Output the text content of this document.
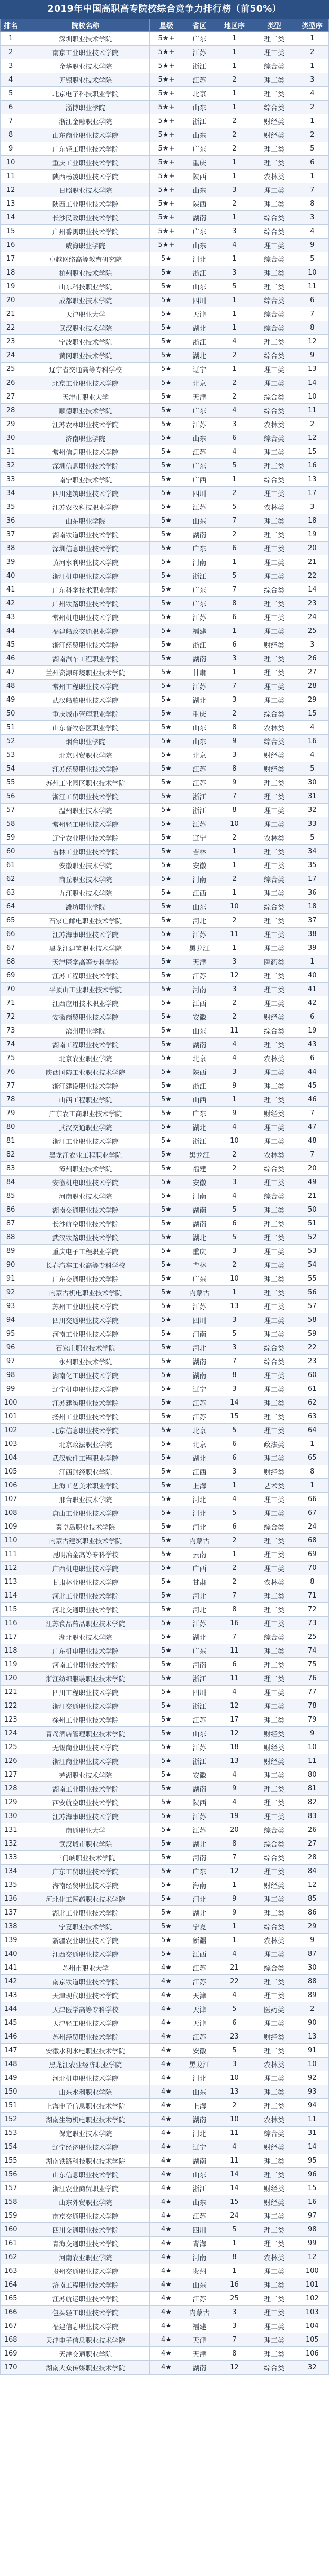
2019年中国高职高专院校综合竞争力排行榜（前50%）
排名	院校名称	星级	省区	地区序	类型	类型序
1	深圳职业技术学院	5★+	广东	1	理工类	1
2	南京工业职业技术学院	5★+	江苏	1	理工类	2
3	金华职业技术学院	5★+	浙江	1	综合类	1
4	无锡职业技术学院	5★+	江苏	2	理工类	3
5	北京电子科技职业学院	5★+	北京	1	理工类	4
6	淄博职业学院	5★+	山东	1	综合类	2
7	浙江金融职业学院	5★+	浙江	2	财经类	1
8	山东商业职业技术学院	5★+	山东	2	财经类	2
9	广东轻工职业技术学院	5★+	广东	2	理工类	5
10	重庆工业职业技术学院	5★+	重庆	1	理工类	6
11	陕西杨凌职业技术学院	5★+	陕西	1	农林类	1
12	日照职业技术学院	5★+	山东	3	理工类	7
13	陕西工业职业技术学院	5★+	陕西	2	理工类	8
14	长沙民政职业技术学院	5★+	湖南	1	综合类	3
15	广州番禺职业技术学院	5★+	广东	3	综合类	4
16	威海职业学院	5★+	山东	4	理工类	9
17	卓越网络高等教育研究院	5★	河北	1	综合类	5
18	杭州职业技术学院	5★	浙江	3	理工类	10
19	山东科技职业学院	5★	山东	5	理工类	11
20	成都职业技术学院	5★	四川	1	综合类	6
21	天津职业大学	5★	天津	1	综合类	7
22	武汉职业技术学院	5★	湖北	1	综合类	8
23	宁波职业技术学院	5★	浙江	4	理工类	12
24	黄冈职业技术学院	5★	湖北	2	综合类	9
25	辽宁省交通高等专科学校	5★	辽宁	1	理工类	13
26	北京工业职业技术学院	5★	北京	2	理工类	14
27	天津市职业大学	5★	天津	2	综合类	10
28	顺德职业技术学院	5★	广东	4	综合类	11
29	江苏农林职业技术学院	5★	江苏	3	农林类	2
30	济南职业学院	5★	山东	6	综合类	12
31	常州信息职业技术学院	5★	江苏	4	理工类	15
32	深圳信息职业技术学院	5★	广东	5	理工类	16
33	南宁职业技术学院	5★	广西	1	综合类	13
34	四川建筑职业技术学院	5★	四川	2	理工类	17
35	江苏农牧科技职业学院	5★	江苏	5	农林类	3
36	山东职业学院	5★	山东	7	理工类	18
37	湖南铁道职业技术学院	5★	湖南	2	理工类	19
38	深圳信息职业技术学院	5★	广东	6	理工类	20
39	黄河水利职业技术学院	5★	河南	1	理工类	21
40	浙江机电职业技术学院	5★	浙江	5	理工类	22
41	广东科学技术职业学院	5★	广东	7	综合类	14
42	广州铁路职业技术学院	5★	广东	8	理工类	23
43	常州机电职业技术学院	5★	江苏	6	理工类	24
44	福建船政交通职业学院	5★	福建	1	理工类	25
45	浙江经贸职业技术学院	5★	浙江	6	财经类	3
46	湖南汽车工程职业学院	5★	湖南	3	理工类	26
47	兰州资源环境职业技术学院	5★	甘肃	1	理工类	27
48	常州工程职业技术学院	5★	江苏	7	理工类	28
49	武汉船舶职业技术学院	5★	湖北	3	理工类	29
50	重庆城市管理职业学院	5★	重庆	2	综合类	15
51	山东畜牧兽医职业学院	5★	山东	8	农林类	4
52	烟台职业学院	5★	山东	9	综合类	16
53	北京财贸职业学院	5★	北京	3	财经类	4
54	江苏经贸职业技术学院	5★	江苏	8	财经类	5
55	苏州工业园区职业技术学院	5★	江苏	9	理工类	30
56	浙江工贸职业技术学院	5★	浙江	7	理工类	31
57	温州职业技术学院	5★	浙江	8	理工类	32
58	常州轻工职业技术学院	5★	江苏	10	理工类	33
59	辽宁农业职业技术学院	5★	辽宁	2	农林类	5
60	吉林工业职业技术学院	5★	吉林	1	理工类	34
61	安徽职业技术学院	5★	安徽	1	理工类	35
62	商丘职业技术学院	5★	河南	2	综合类	17
63	九江职业技术学院	5★	江西	1	理工类	36
64	潍坊职业学院	5★	山东	10	综合类	18
65	石家庄邮电职业技术学院	5★	河北	2	理工类	37
66	江苏海事职业技术学院	5★	江苏	11	理工类	38
67	黑龙江建筑职业技术学院	5★	黑龙江	1	理工类	39
68	天津医学高等专科学校	5★	天津	3	医药类	1
69	江苏工程职业技术学院	5★	江苏	12	理工类	40
70	平顶山工业职业技术学院	5★	河南	3	理工类	41
71	江西应用技术职业学院	5★	江西	2	理工类	42
72	安徽商贸职业技术学院	5★	安徽	2	财经类	6
73	滨州职业学院	5★	山东	11	综合类	19
74	湖南工程职业技术学院	5★	湖南	4	理工类	43
75	北京农业职业学院	5★	北京	4	农林类	6
76	陕西国防工业职业技术学院	5★	陕西	3	理工类	44
77	浙江建设职业技术学院	5★	浙江	9	理工类	45
78	山西工程职业学院	5★	山西	1	理工类	46
79	广东农工商职业技术学院	5★	广东	9	财经类	7
80	武汉交通职业学院	5★	湖北	4	理工类	47
81	浙江工业职业技术学院	5★	浙江	10	理工类	48
82	黑龙江农业工程职业学院	5★	黑龙江	2	农林类	7
83	漳州职业技术学院	5★	福建	2	综合类	20
84	安徽机电职业技术学院	5★	安徽	3	理工类	49
85	河南职业技术学院	5★	河南	4	综合类	21
86	湖南交通职业技术学院	5★	湖南	5	理工类	50
87	长沙航空职业技术学院	5★	湖南	6	理工类	51
88	武汉铁路职业技术学院	5★	湖北	5	理工类	52
89	重庆电子工程职业学院	5★	重庆	3	理工类	53
90	长春汽车工业高等专科学校	5★	吉林	2	理工类	54
91	广东交通职业技术学院	5★	广东	10	理工类	55
92	内蒙古机电职业技术学院	5★	内蒙古	1	理工类	56
93	苏州工业职业技术学院	5★	江苏	13	理工类	57
94	四川交通职业技术学院	5★	四川	3	理工类	58
95	河南工业职业技术学院	5★	河南	5	理工类	59
96	石家庄职业技术学院	5★	河北	3	综合类	22
97	永州职业技术学院	5★	湖南	7	综合类	23
98	湖南化工职业技术学院	5★	湖南	8	理工类	60
99	辽宁机电职业技术学院	5★	辽宁	3	理工类	61
100	江苏建筑职业技术学院	5★	江苏	14	理工类	62
101	扬州工业职业技术学院	5★	江苏	15	理工类	63
102	北京信息职业技术学院	5★	北京	5	理工类	64
103	北京政法职业学院	5★	北京	6	政法类	1
104	武汉软件工程职业学院	5★	湖北	6	理工类	65
105	江西财经职业学院	5★	江西	3	财经类	8
106	上海工艺美术职业学院	5★	上海	1	艺术类	1
107	邢台职业技术学院	5★	河北	4	理工类	66
108	唐山工业职业技术学院	5★	河北	5	理工类	67
109	秦皇岛职业技术学院	5★	河北	6	综合类	24
110	内蒙古建筑职业技术学院	5★	内蒙古	2	理工类	68
111	昆明冶金高等专科学校	5★	云南	1	理工类	69
112	广西机电职业技术学院	5★	广西	2	理工类	70
113	甘肃林业职业技术学院	5★	甘肃	2	农林类	8
114	河北工业职业技术学院	5★	河北	7	理工类	71
115	河北交通职业技术学院	5★	河北	8	理工类	72
116	江苏食品药品职业技术学院	5★	江苏	16	理工类	73
117	湖北职业技术学院	5★	湖北	7	综合类	25
118	广东机电职业技术学院	5★	广东	11	理工类	74
119	河南工业职业技术学院	5★	河南	6	理工类	75
120	浙江纺织服装职业技术学院	5★	浙江	11	理工类	76
121	四川工程职业技术学院	5★	四川	4	理工类	77
122	浙江交通职业技术学院	5★	浙江	12	理工类	78
123	徐州工业职业技术学院	5★	江苏	17	理工类	79
124	青岛酒店管理职业技术学院	5★	山东	12	财经类	9
125	无锡商业职业技术学院	5★	江苏	18	财经类	10
126	浙江商业职业技术学院	5★	浙江	13	财经类	11
127	芜湖职业技术学院	5★	安徽	4	理工类	80
128	湖南工业职业技术学院	5★	湖南	9	理工类	81
129	西安航空职业技术学院	5★	陕西	4	理工类	82
130	江苏海事职业技术学院	5★	江苏	19	理工类	83
131	南通职业大学	5★	江苏	20	综合类	26
132	武汉城市职业学院	5★	湖北	8	综合类	27
133	三门峡职业技术学院	5★	河南	7	综合类	28
134	广东工贸职业技术学院	5★	广东	12	理工类	84
135	海南经贸职业技术学院	5★	海南	1	财经类	12
136	河北化工医药职业技术学院	5★	河北	9	理工类	85
137	湖北工业职业技术学院	5★	湖北	9	理工类	86
138	宁夏职业技术学院	5★	宁夏	1	综合类	29
139	新疆农业职业技术学院	5★	新疆	1	农林类	9
140	江西交通职业技术学院	5★	江西	4	理工类	87
141	苏州市职业大学	4★	江苏	21	综合类	30
142	南京铁道职业技术学院	4★	江苏	22	理工类	88
143	天津现代职业技术学院	4★	天津	4	理工类	89
144	天津医学高等专科学校	4★	天津	5	医药类	2
145	天津轻工职业技术学院	4★	天津	6	理工类	90
146	苏州经贸职业技术学院	4★	江苏	23	财经类	13
147	安徽水利水电职业技术学院	4★	安徽	5	理工类	91
148	黑龙江农业经济职业学院	4★	黑龙江	3	农林类	10
149	河北机电职业技术学院	4★	河北	10	理工类	92
150	山东水利职业学院	4★	山东	13	理工类	93
151	上海电子信息职业技术学院	4★	上海	2	理工类	94
152	湖南生物机电职业技术学院	4★	湖南	10	农林类	11
153	保定职业技术学院	4★	河北	11	综合类	31
154	辽宁经济职业技术学院	4★	辽宁	4	财经类	14
155	湖南铁路科技职业技术学院	4★	湖南	11	理工类	95
156	山东信息职业技术学院	4★	山东	14	理工类	96
157	浙江农业商贸职业学院	4★	浙江	14	财经类	15
158	山东外贸职业学院	4★	山东	15	财经类	16
159	南京交通职业技术学院	4★	江苏	24	理工类	97
160	四川交通职业技术学院	4★	四川	5	理工类	98
161	青海交通职业技术学院	4★	青海	1	理工类	99
162	河南农业职业学院	4★	河南	8	农林类	12
163	贵州交通职业技术学院	4★	贵州	1	理工类	100
164	济南工程职业技术学院	4★	山东	16	理工类	101
165	江苏航运职业技术学院	4★	江苏	25	理工类	102
166	包头轻工职业技术学院	4★	内蒙古	3	理工类	103
167	福建信息职业技术学院	4★	福建	3	理工类	104
168	天津电子信息职业技术学院	4★	天津	7	理工类	105
169	天津交通职业学院	4★	天津	8	理工类	106
170	湖南大众传媒职业技术学院	4★	湖南	12	综合类	32
